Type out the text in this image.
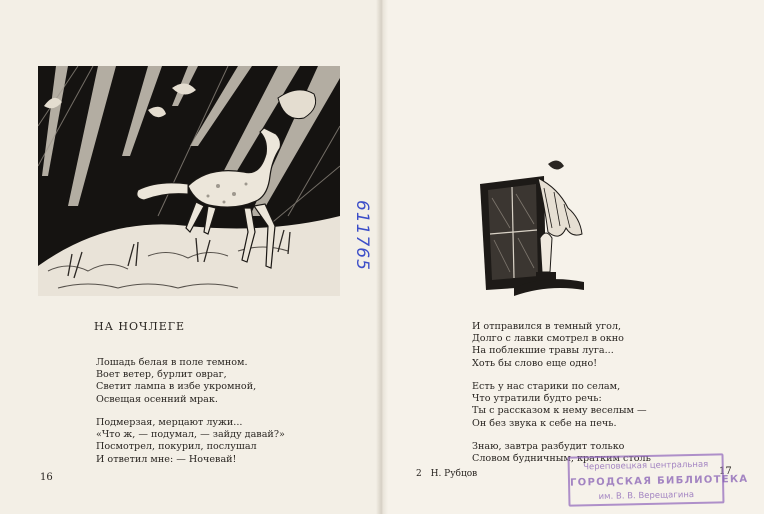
НА НОЧЛЕГЕ
Лошадь белая в поле темном.
Воет ветер, бурлит овраг,
Светит лампа в избе укромной,
Освещая осенний мрак.
Подмерзая, мерцают лужи...
«Что ж, — подумал, — зайду давай?»
Посмотрел, покурил, послушал
И ответил мне: — Ночевай!
И отправился в темный угол,
Долго с лавки смотрел в окно
На поблекшие травы луга...
Хоть бы слово еще одно!
Есть у нас старики по селам,
Что утратили будто речь:
Ты с рассказом к нему веселым —
Он без звука к себе на печь.
Знаю, завтра разбудит только
Словом будничным, кратким столь
16
17
2 Н. Рубцов
611765
Череповецкая центральная
ГОРОДСКАЯ БИБЛИОТЕКА
им. В. В. Верещагина
